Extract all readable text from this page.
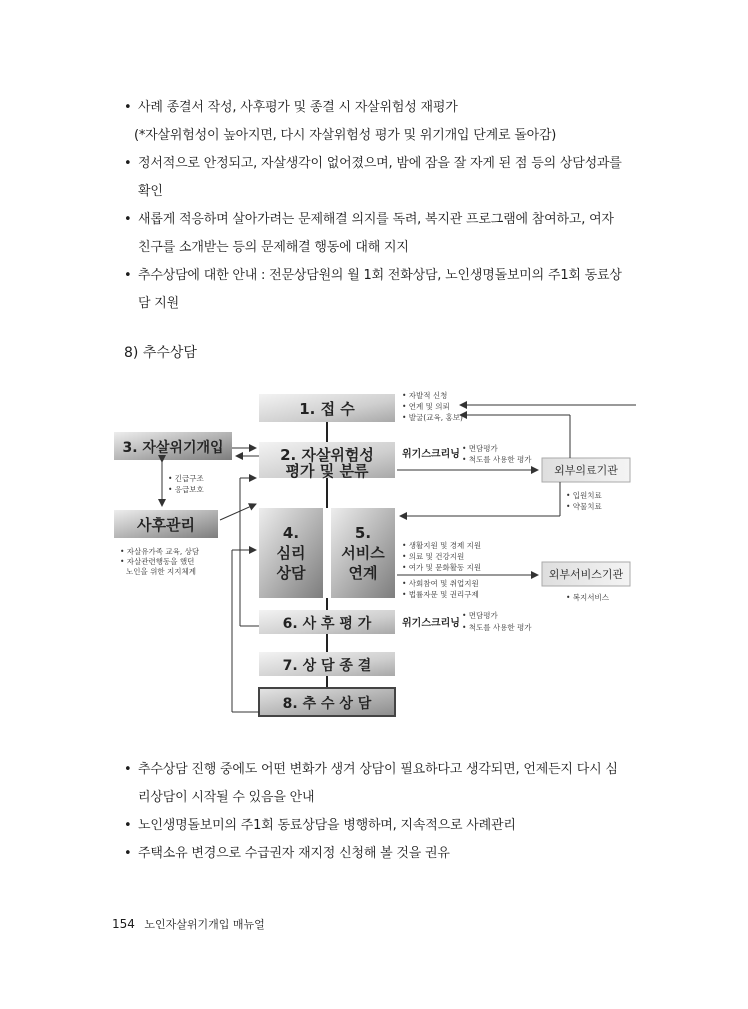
• 사례 종결서 작성, 사후평가 및 종결 시 자살위험성 재평가
(*자살위험성이 높아지면, 다시 자살위험성 평가 및 위기개입 단계로 돌아감)
• 정서적으로 안정되고, 자살생각이 없어졌으며, 밤에 잠을 잘 자게 된 점 등의 상담성과를
확인
• 새롭게 적응하며 살아가려는 문제해결 의지를 독려, 복지관 프로그램에 참여하고, 여자
친구를 소개받는 등의 문제해결 행동에 대해 지지
• 추수상담에 대한 안내 : 전문상담원의 월 1회 전화상담, 노인생명돌보미의 주1회 동료상
담 지원
8) 추수상담
1. 접 수
2. 자살위험성
평가 및 분류
3. 자살위기개입
사후관리	4.
심리
상담
5.
서비스
연계
6. 사 후 평 가
7. 상 담 종 결
8. 추 수 상 담
외부의료기관
외부서비스기관
• 자발적 신청
• 연계 및 의뢰
• 발굴(교육, 홍보)
위기스크리닝
• 면담평가
• 척도를 사용한 평가
• 입원치료
• 약물치료
• 생활지원 및 경제 지원
• 의료 및 건강지원
• 여가 및 문화활동 지원
• 사회참여 및 취업지원
• 법률자문 및 권리구제	• 복지서비스
위기스크리닝
• 면담평가
• 척도를 사용한 평가
• 긴급구조
• 응급보호
• 자살유가족 교육, 상담
• 자살관련행동을 했던
노인을 위한 지지체계
• 추수상담 진행 중에도 어떤 변화가 생겨 상담이 필요하다고 생각되면, 언제든지 다시 심
리상담이 시작될 수 있음을 안내
• 노인생명돌보미의 주1회 동료상담을 병행하며, 지속적으로 사례관리
• 주택소유 변경으로 수급권자 재지정 신청해 볼 것을 권유
154 노인자살위기개입 매뉴얼
